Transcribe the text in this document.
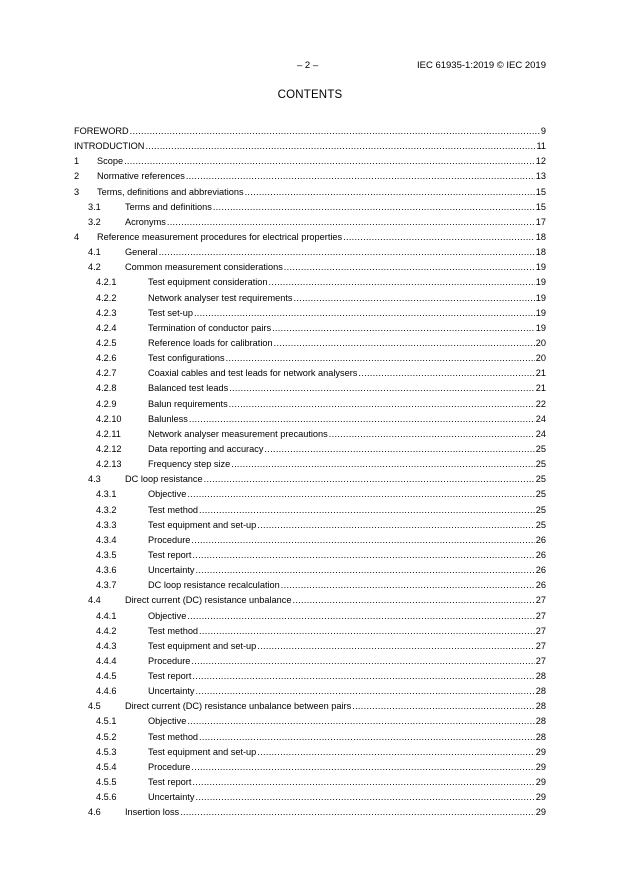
– 2 –	IEC 61935-1:2019 © IEC 2019
CONTENTS
FOREWORD .....	9
INTRODUCTION .....	11
1	Scope .....	12
2	Normative references .....	13
3	Terms, definitions and abbreviations .....	15
3.1	Terms and definitions .....	15
3.2	Acronyms .....	17
4	Reference measurement procedures for electrical properties .....	18
4.1	General .....	18
4.2	Common measurement considerations .....	19
4.2.1	Test equipment consideration .....	19
4.2.2	Network analyser test requirements .....	19
4.2.3	Test set-up .....	19
4.2.4	Termination of conductor pairs .....	19
4.2.5	Reference loads for calibration .....	20
4.2.6	Test configurations .....	20
4.2.7	Coaxial cables and test leads for network analysers .....	21
4.2.8	Balanced test leads .....	21
4.2.9	Balun requirements .....	22
4.2.10	Balunless .....	24
4.2.11	Network analyser measurement precautions .....	24
4.2.12	Data reporting and accuracy .....	25
4.2.13	Frequency step size .....	25
4.3	DC loop resistance .....	25
4.3.1	Objective .....	25
4.3.2	Test method .....	25
4.3.3	Test equipment and set-up .....	25
4.3.4	Procedure .....	26
4.3.5	Test report .....	26
4.3.6	Uncertainty .....	26
4.3.7	DC loop resistance recalculation .....	26
4.4	Direct current (DC) resistance unbalance .....	27
4.4.1	Objective .....	27
4.4.2	Test method .....	27
4.4.3	Test equipment and set-up .....	27
4.4.4	Procedure .....	27
4.4.5	Test report .....	28
4.4.6	Uncertainty .....	28
4.5	Direct current (DC) resistance unbalance between pairs .....	28
4.5.1	Objective .....	28
4.5.2	Test method .....	28
4.5.3	Test equipment and set-up .....	29
4.5.4	Procedure .....	29
4.5.5	Test report .....	29
4.5.6	Uncertainty .....	29
4.6	Insertion loss .....	29
